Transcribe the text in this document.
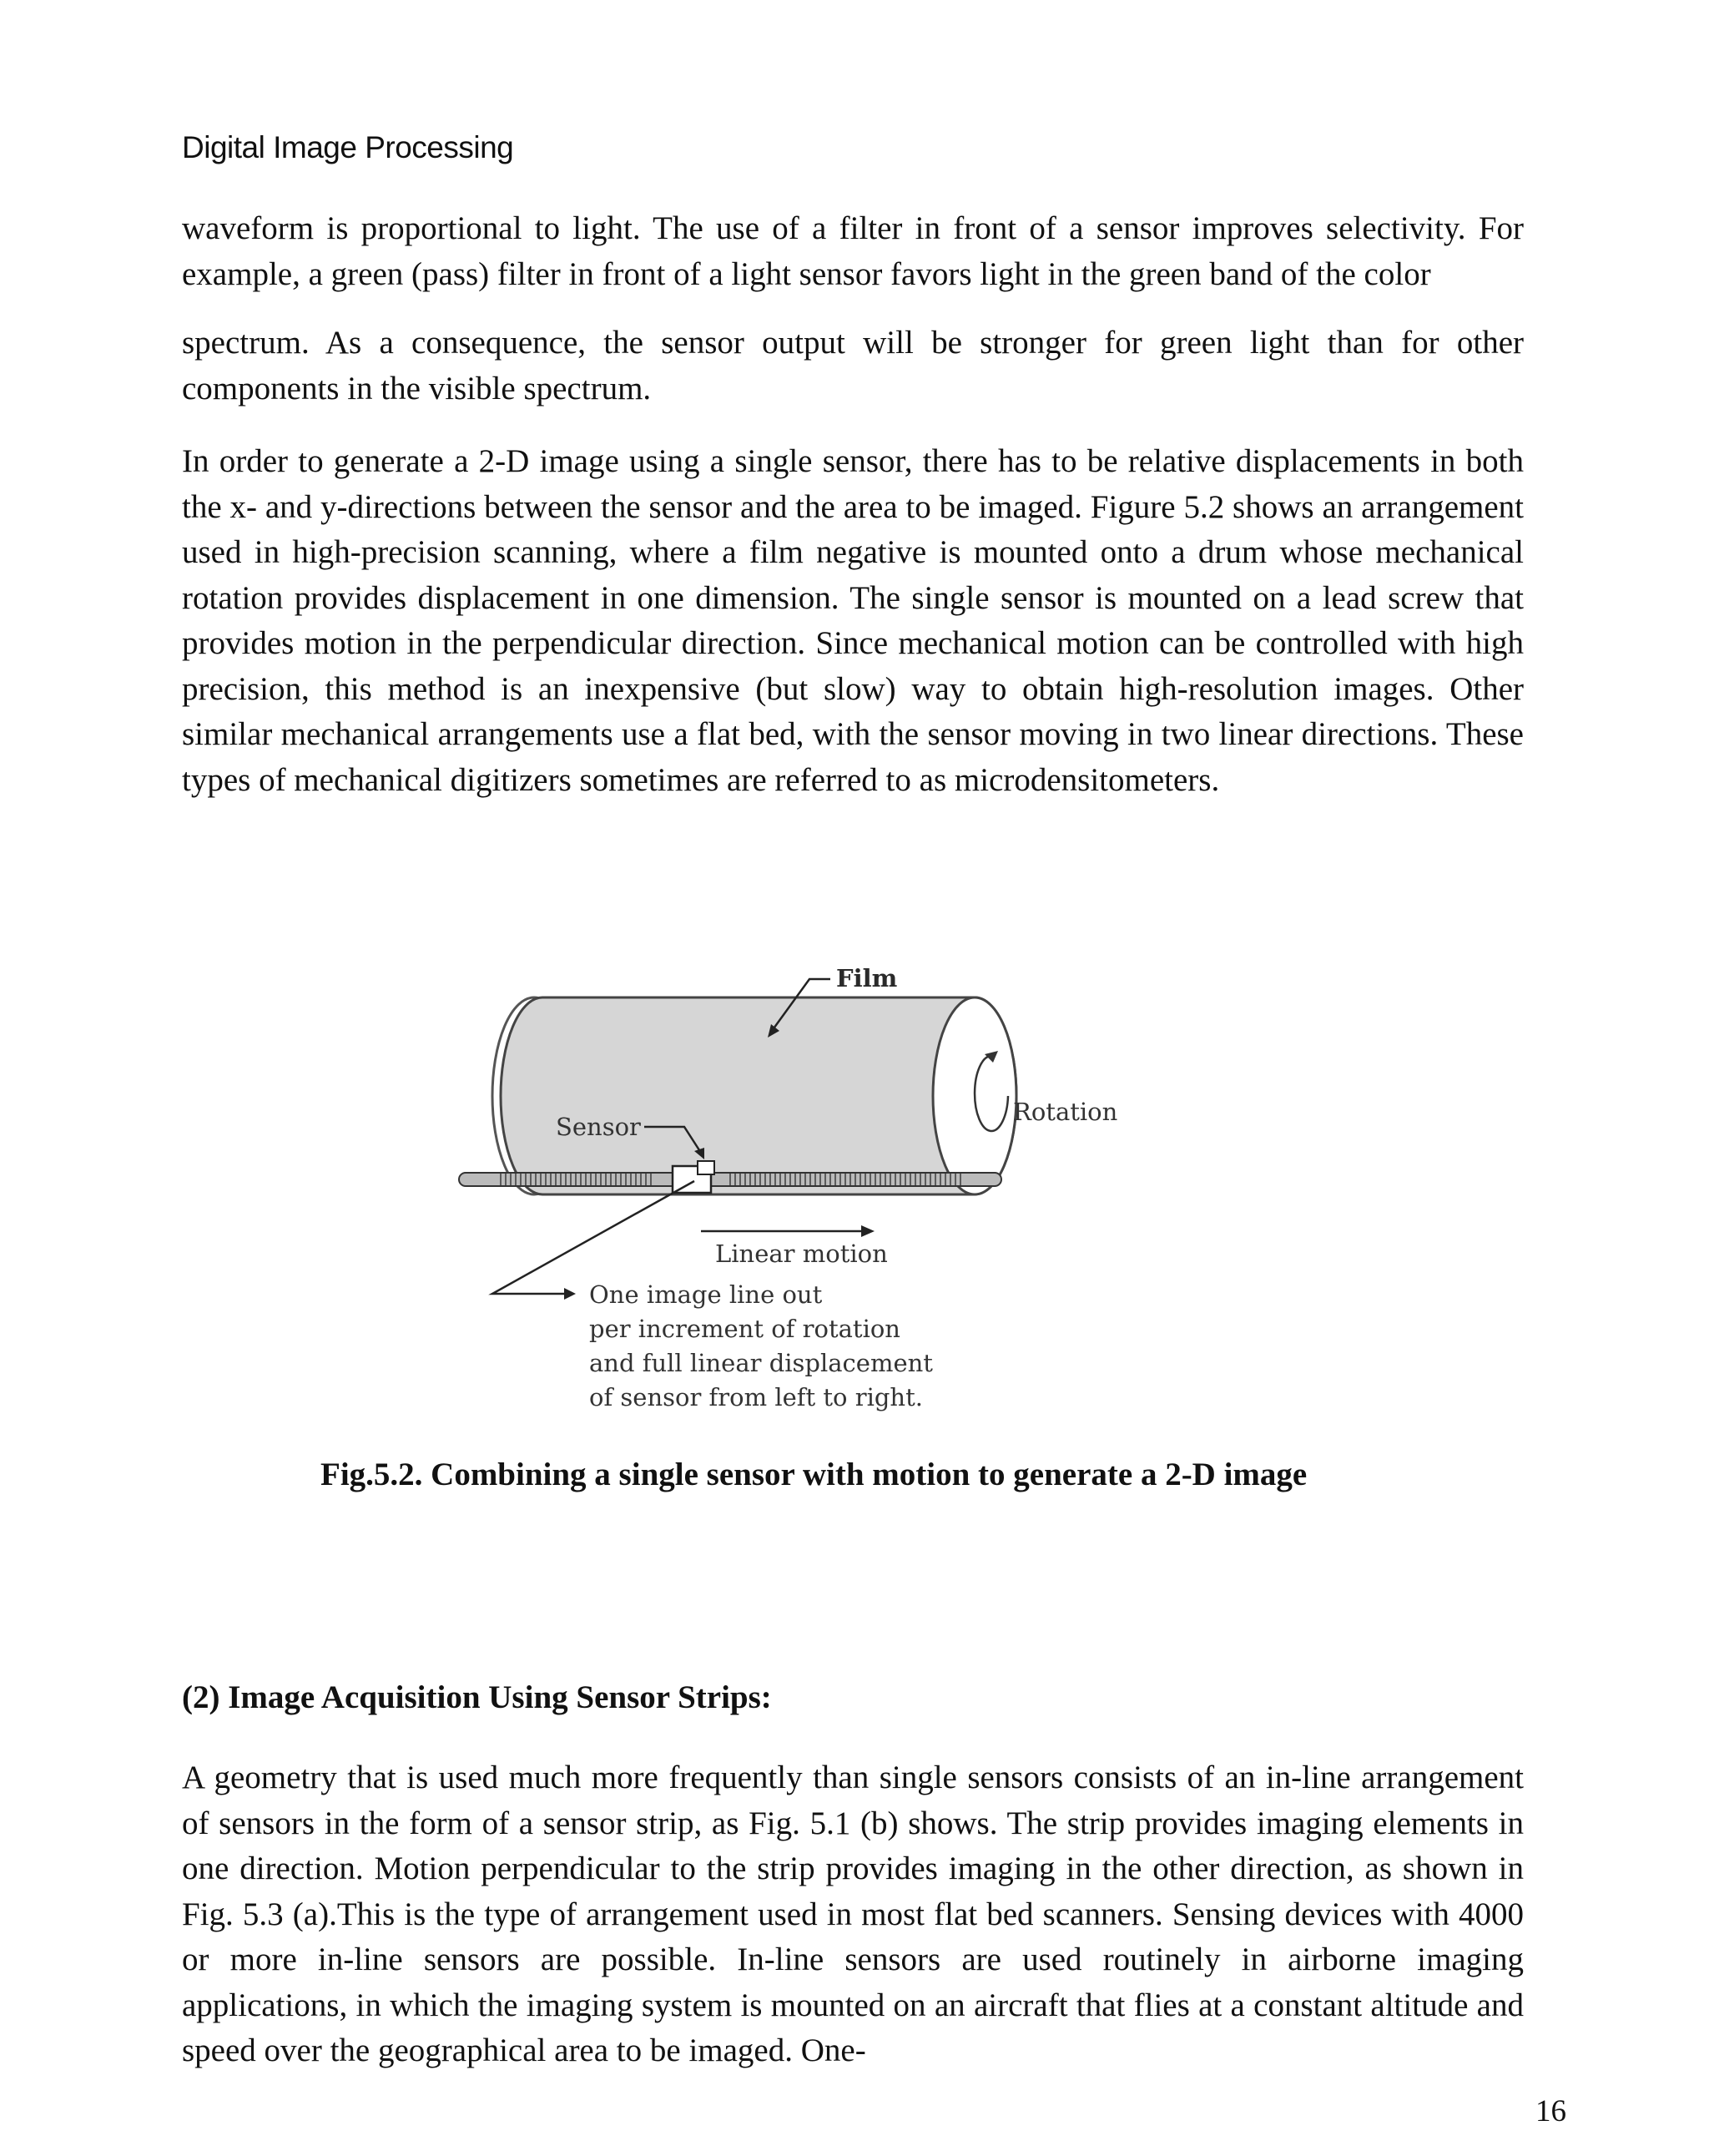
Digital Image Processing

waveform is proportional to light. The use of a filter in front of a sensor improves selectivity. For example, a green (pass) filter in front of a light sensor favors light in the green band of the color

spectrum. As a consequence, the sensor output will be stronger for green light than for other components in the visible spectrum.

In order to generate a 2-D image using a single sensor, there has to be relative displacements in both the x- and y-directions between the sensor and the area to be imaged. Figure 5.2 shows an arrangement used in high-precision scanning, where a film negative is mounted onto a drum whose mechanical rotation provides displacement in one dimension. The single sensor is mounted on a lead screw that provides motion in the perpendicular direction. Since mechanical motion can be controlled with high precision, this method is an inexpensive (but slow) way to obtain high-resolution images. Other similar mechanical arrangements use a flat bed, with the sensor moving in two linear directions. These types of mechanical digitizers sometimes are referred to as microdensitometers.

Film
Sensor
Rotation
Linear motion
One image line out
per increment of rotation
and full linear displacement
of sensor from left to right.
Fig.5.2. Combining a single sensor with motion to generate a 2-D image

(2) Image Acquisition Using Sensor Strips:

A geometry that is used much more frequently than single sensors consists of an in-line arrangement of sensors in the form of a sensor strip, as Fig. 5.1 (b) shows. The strip provides imaging elements in one direction. Motion perpendicular to the strip provides imaging in the other direction, as shown in Fig. 5.3 (a).This is the type of arrangement used in most flat bed scanners. Sensing devices with 4000 or more in-line sensors are possible. In-line sensors are used routinely in airborne imaging applications, in which the imaging system is mounted on an aircraft that flies at a constant altitude and speed over the geographical area to be imaged. One-

16
